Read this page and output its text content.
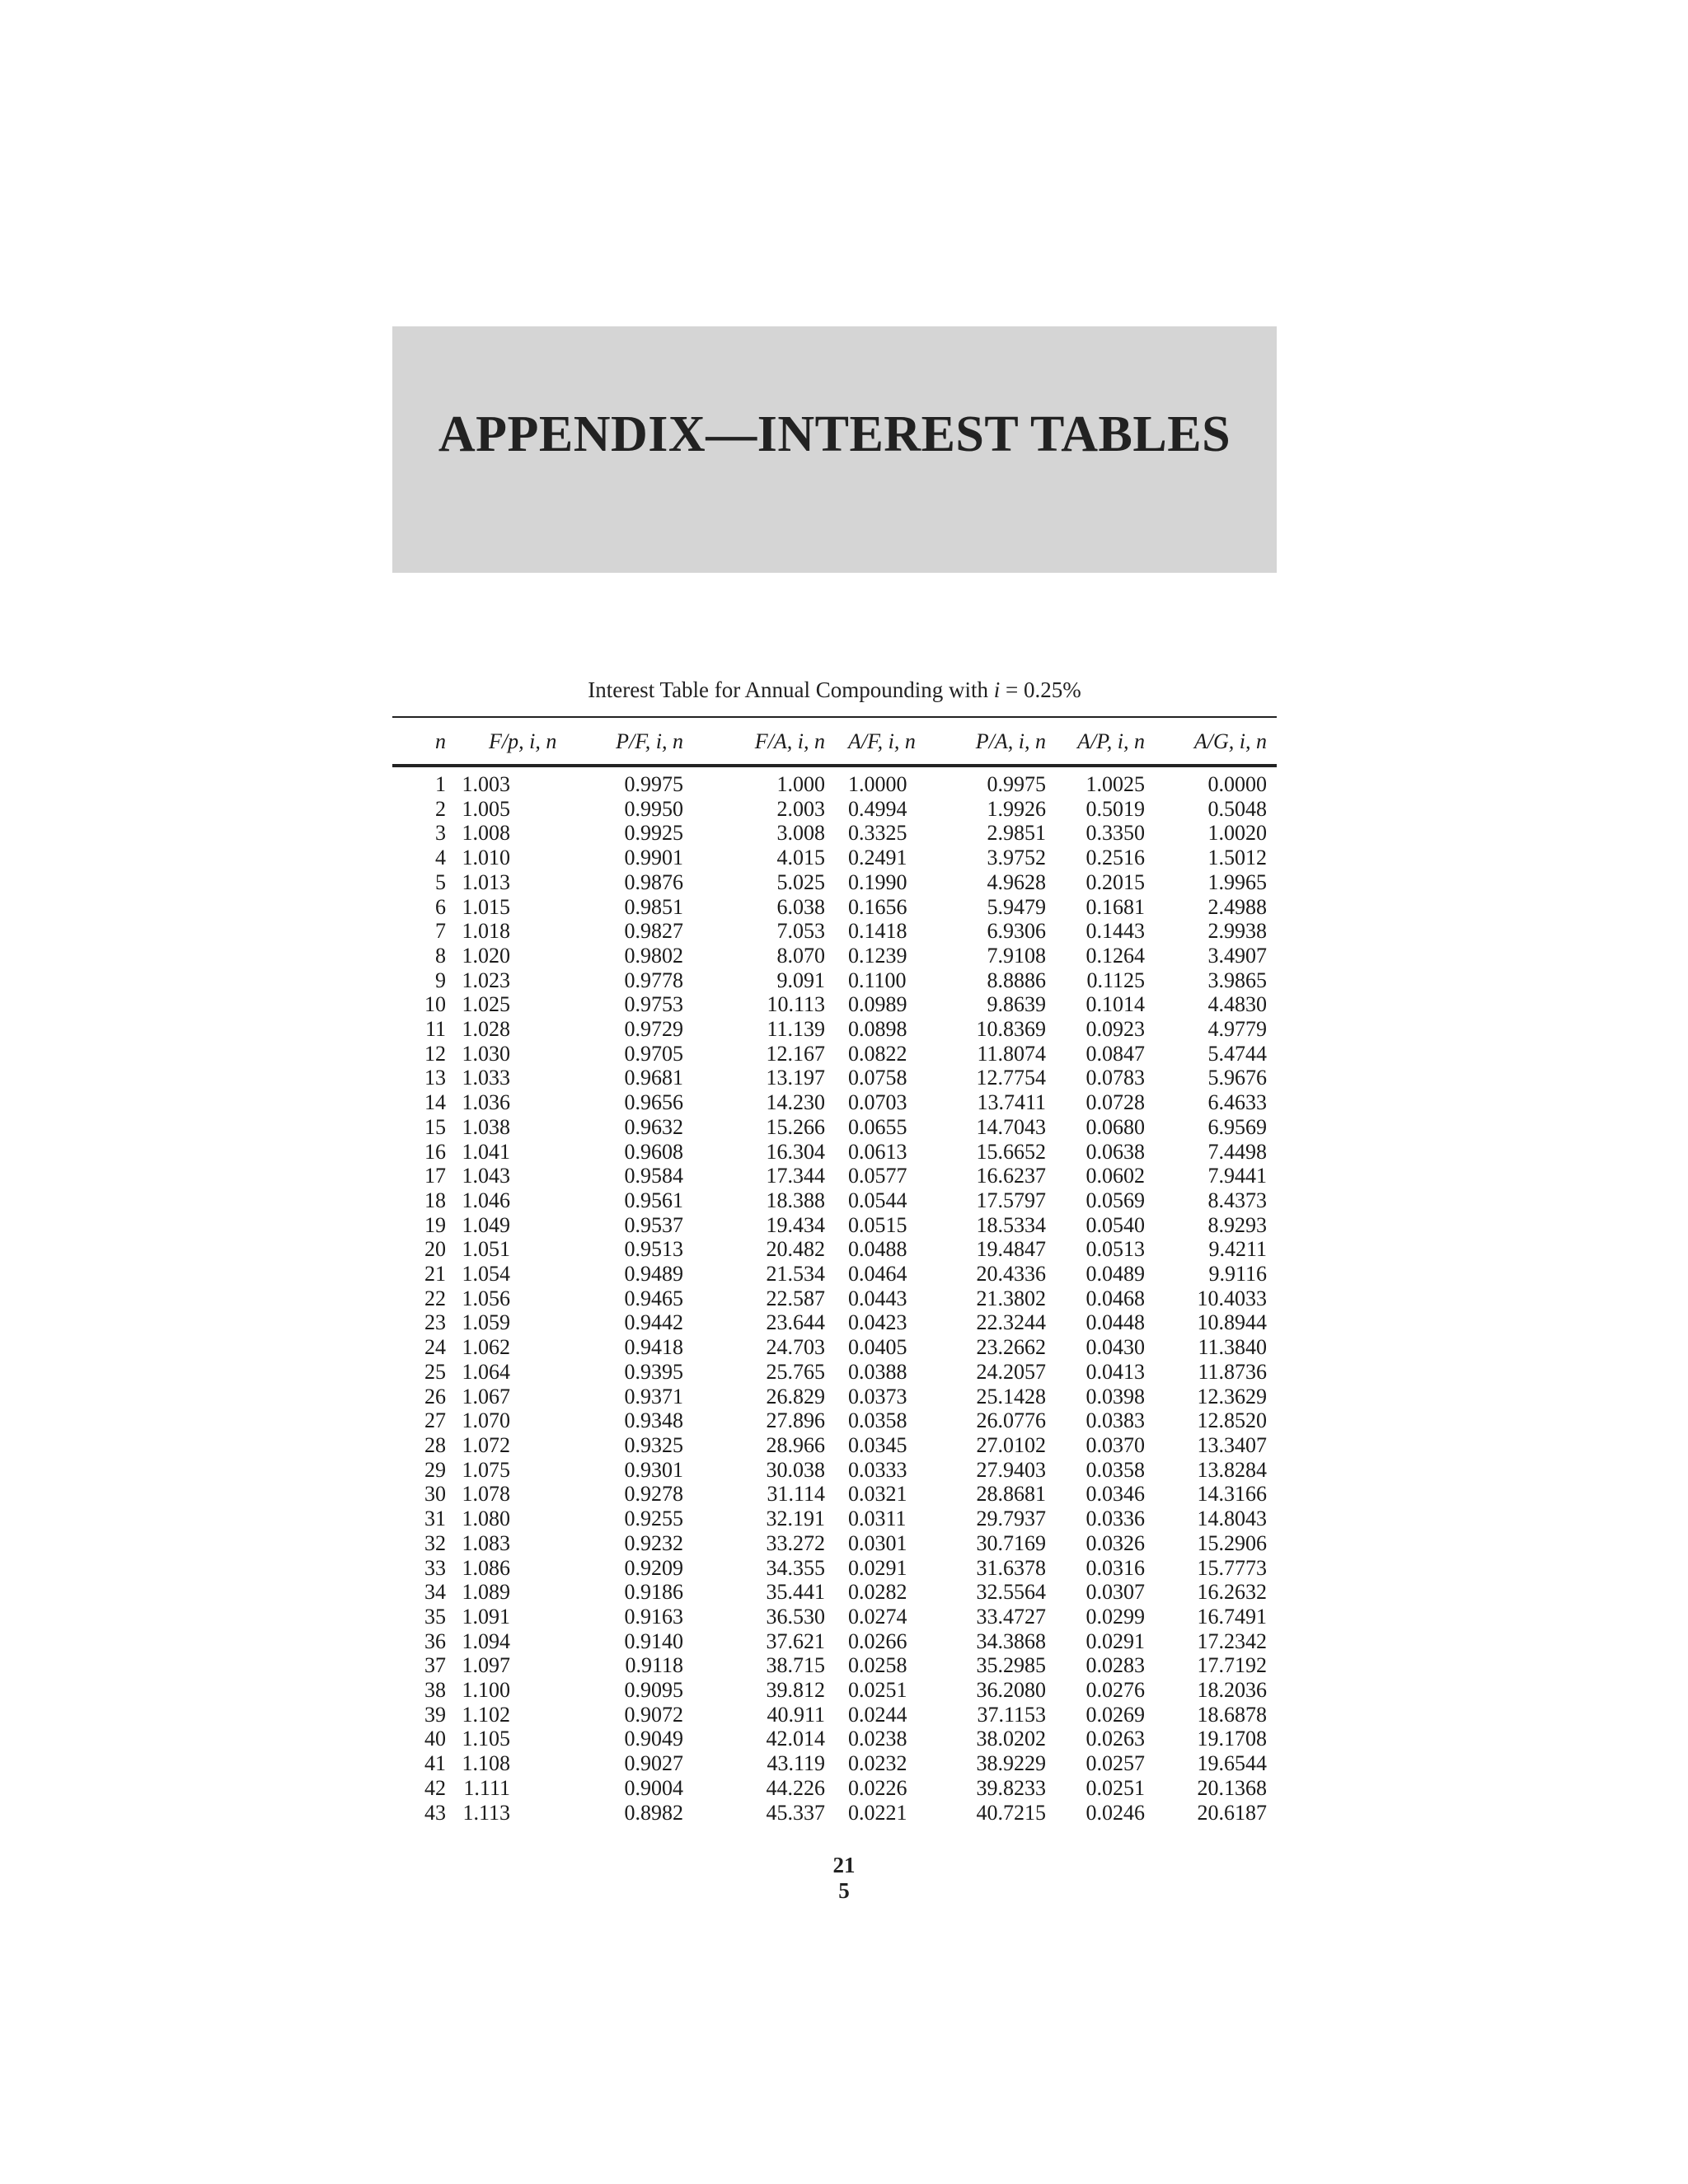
APPENDIX—INTEREST TABLES
Interest Table for Annual Compounding with i = 0.25%
n	F/p, i, n	P/F, i, n	F/A, i, n	A/F, i, n	P/A, i, n	A/P, i, n	A/G, i, n

1	1.003	0.9975	1.000	1.0000	0.9975	1.0025	0.0000
2	1.005	0.9950	2.003	0.4994	1.9926	0.5019	0.5048
3	1.008	0.9925	3.008	0.3325	2.9851	0.3350	1.0020
4	1.010	0.9901	4.015	0.2491	3.9752	0.2516	1.5012
5	1.013	0.9876	5.025	0.1990	4.9628	0.2015	1.9965
6	1.015	0.9851	6.038	0.1656	5.9479	0.1681	2.4988
7	1.018	0.9827	7.053	0.1418	6.9306	0.1443	2.9938
8	1.020	0.9802	8.070	0.1239	7.9108	0.1264	3.4907
9	1.023	0.9778	9.091	0.1100	8.8886	0.1125	3.9865
10	1.025	0.9753	10.113	0.0989	9.8639	0.1014	4.4830
11	1.028	0.9729	11.139	0.0898	10.8369	0.0923	4.9779
12	1.030	0.9705	12.167	0.0822	11.8074	0.0847	5.4744
13	1.033	0.9681	13.197	0.0758	12.7754	0.0783	5.9676
14	1.036	0.9656	14.230	0.0703	13.7411	0.0728	6.4633
15	1.038	0.9632	15.266	0.0655	14.7043	0.0680	6.9569
16	1.041	0.9608	16.304	0.0613	15.6652	0.0638	7.4498
17	1.043	0.9584	17.344	0.0577	16.6237	0.0602	7.9441
18	1.046	0.9561	18.388	0.0544	17.5797	0.0569	8.4373
19	1.049	0.9537	19.434	0.0515	18.5334	0.0540	8.9293
20	1.051	0.9513	20.482	0.0488	19.4847	0.0513	9.4211
21	1.054	0.9489	21.534	0.0464	20.4336	0.0489	9.9116
22	1.056	0.9465	22.587	0.0443	21.3802	0.0468	10.4033
23	1.059	0.9442	23.644	0.0423	22.3244	0.0448	10.8944
24	1.062	0.9418	24.703	0.0405	23.2662	0.0430	11.3840
25	1.064	0.9395	25.765	0.0388	24.2057	0.0413	11.8736
26	1.067	0.9371	26.829	0.0373	25.1428	0.0398	12.3629
27	1.070	0.9348	27.896	0.0358	26.0776	0.0383	12.8520
28	1.072	0.9325	28.966	0.0345	27.0102	0.0370	13.3407
29	1.075	0.9301	30.038	0.0333	27.9403	0.0358	13.8284
30	1.078	0.9278	31.114	0.0321	28.8681	0.0346	14.3166
31	1.080	0.9255	32.191	0.0311	29.7937	0.0336	14.8043
32	1.083	0.9232	33.272	0.0301	30.7169	0.0326	15.2906
33	1.086	0.9209	34.355	0.0291	31.6378	0.0316	15.7773
34	1.089	0.9186	35.441	0.0282	32.5564	0.0307	16.2632
35	1.091	0.9163	36.530	0.0274	33.4727	0.0299	16.7491
36	1.094	0.9140	37.621	0.0266	34.3868	0.0291	17.2342
37	1.097	0.9118	38.715	0.0258	35.2985	0.0283	17.7192
38	1.100	0.9095	39.812	0.0251	36.2080	0.0276	18.2036
39	1.102	0.9072	40.911	0.0244	37.1153	0.0269	18.6878
40	1.105	0.9049	42.014	0.0238	38.0202	0.0263	19.1708
41	1.108	0.9027	43.119	0.0232	38.9229	0.0257	19.6544
42	1.111	0.9004	44.226	0.0226	39.8233	0.0251	20.1368
43	1.113	0.8982	45.337	0.0221	40.7215	0.0246	20.6187
21
5
